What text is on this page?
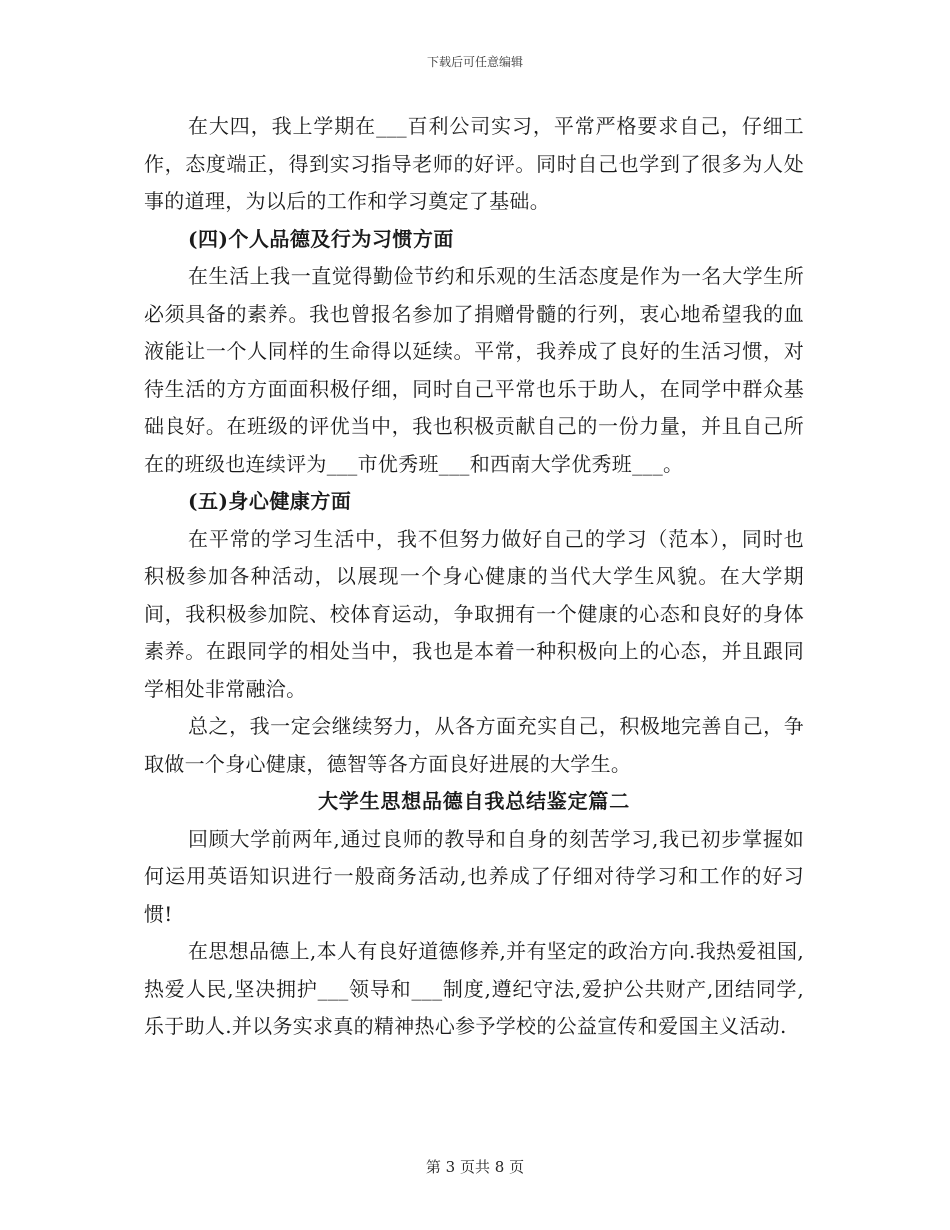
下载后可任意编辑

在大四，我上学期在___百利公司实习，平常严格要求自己，仔细工作，态度端正，得到实习指导老师的好评。同时自己也学到了很多为人处事的道理，为以后的工作和学习奠定了基础。

(四)个人品德及行为习惯方面

在生活上我一直觉得勤俭节约和乐观的生活态度是作为一名大学生所必须具备的素养。我也曾报名参加了捐赠骨髓的行列，衷心地希望我的血液能让一个人同样的生命得以延续。平常，我养成了良好的生活习惯，对待生活的方方面面积极仔细，同时自己平常也乐于助人，在同学中群众基础良好。在班级的评优当中，我也积极贡献自己的一份力量，并且自己所在的班级也连续评为___市优秀班___和西南大学优秀班___。

(五)身心健康方面

在平常的学习生活中，我不但努力做好自己的学习（范本），同时也积极参加各种活动，以展现一个身心健康的当代大学生风貌。在大学期间，我积极参加院、校体育运动，争取拥有一个健康的心态和良好的身体素养。在跟同学的相处当中，我也是本着一种积极向上的心态，并且跟同学相处非常融洽。

总之，我一定会继续努力，从各方面充实自己，积极地完善自己，争取做一个身心健康，德智等各方面良好进展的大学生。

大学生思想品德自我总结鉴定篇二

回顾大学前两年,通过良师的教导和自身的刻苦学习,我已初步掌握如何运用英语知识进行一般商务活动,也养成了仔细对待学习和工作的好习惯!

在思想品德上,本人有良好道德修养,并有坚定的政治方向.我热爱祖国,热爱人民,坚决拥护___领导和___制度,遵纪守法,爱护公共财产,团结同学,乐于助人.并以务实求真的精神热心参予学校的公益宣传和爱国主义活动.

第 3 页共 8 页
